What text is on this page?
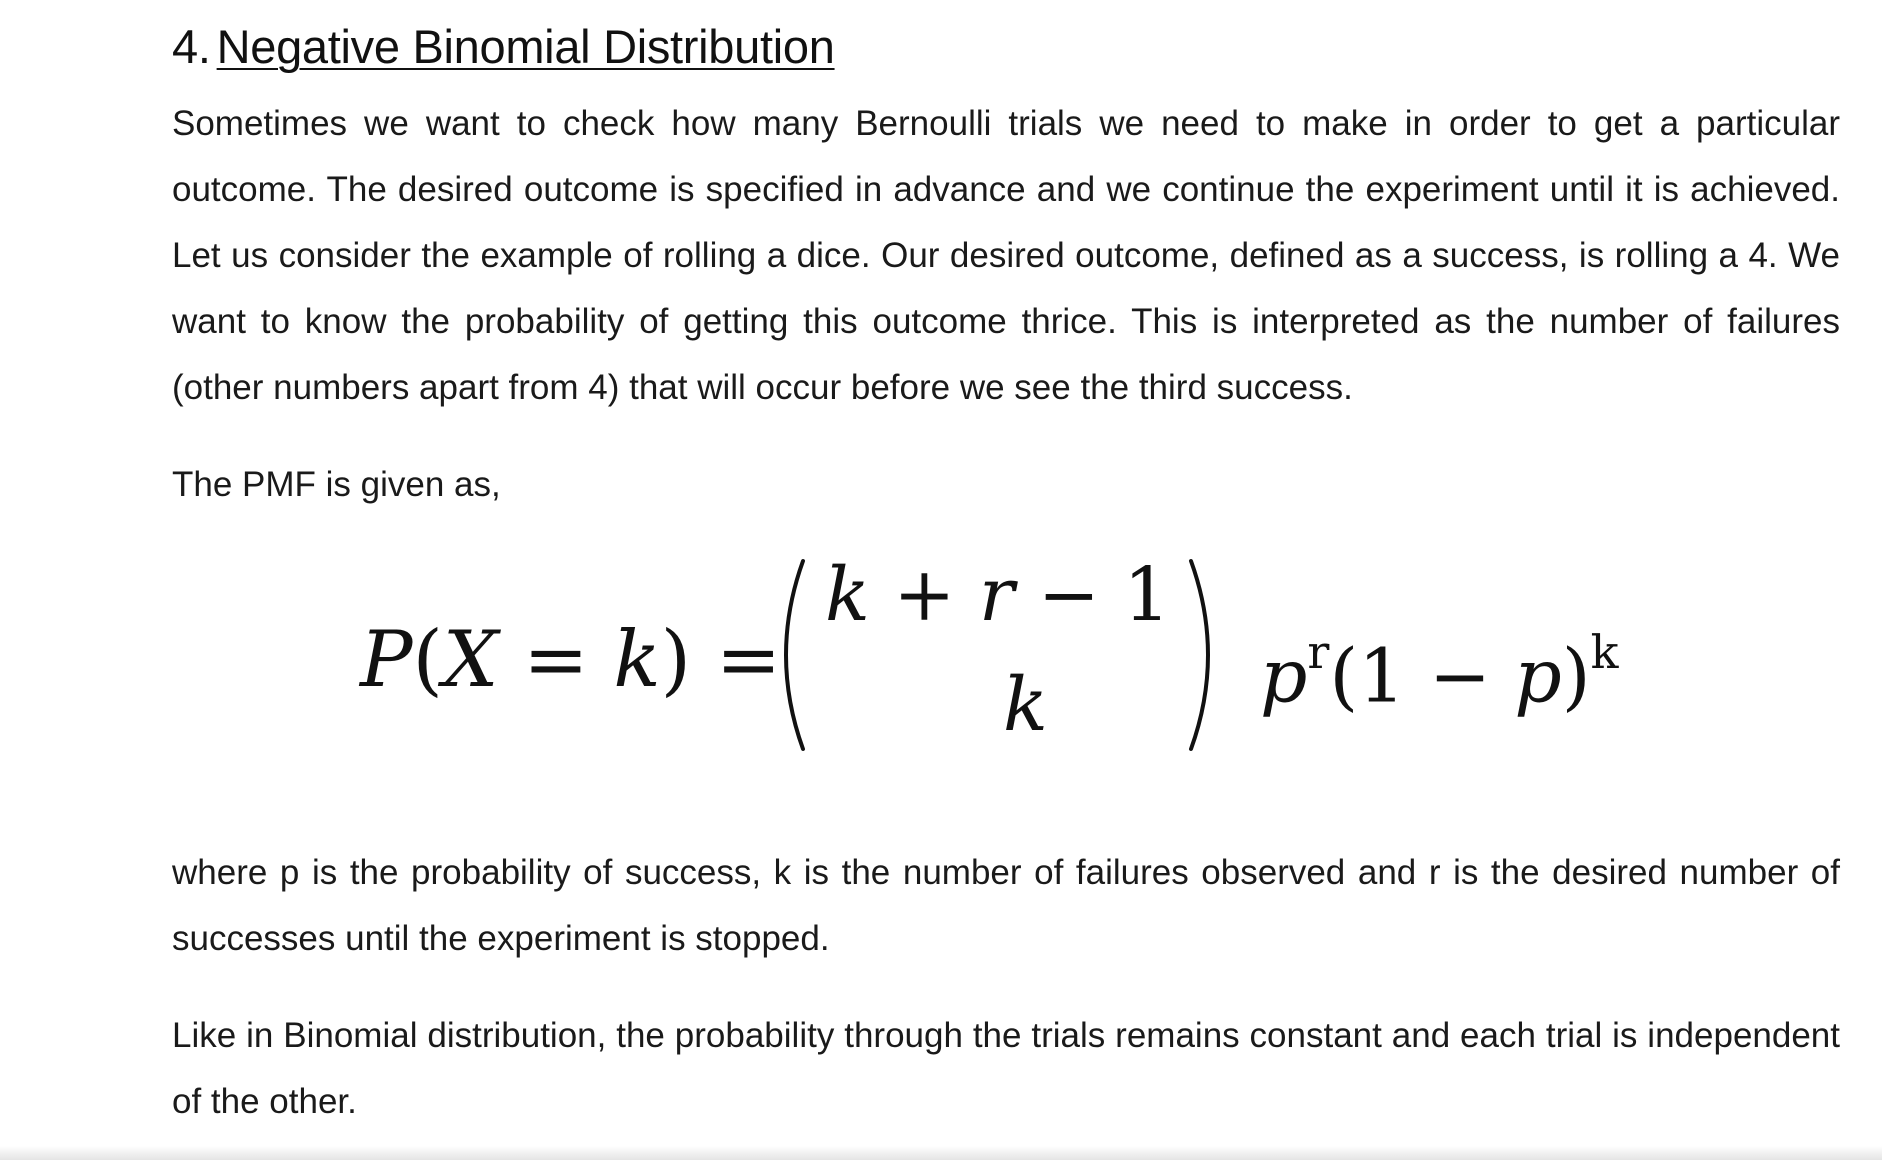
4. Negative Binomial Distribution

Sometimes we want to check how many Bernoulli trials we need to make in order to get a particular outcome. The desired outcome is specified in advance and we continue the experiment until it is achieved. Let us consider the example of rolling a dice. Our desired outcome, defined as a success, is rolling a 4. We want to know the probability of getting this outcome thrice. This is interpreted as the number of failures (other numbers apart from 4) that will occur before we see the third success.

The PMF is given as,

where p is the probability of success, k is the number of failures observed and r is the desired number of successes until the experiment is stopped.

Like in Binomial distribution, the probability through the trials remains constant and each trial is independent of the other.

P(X = k) =
k + r − 1
k	$p^r(1 - p)^k$
